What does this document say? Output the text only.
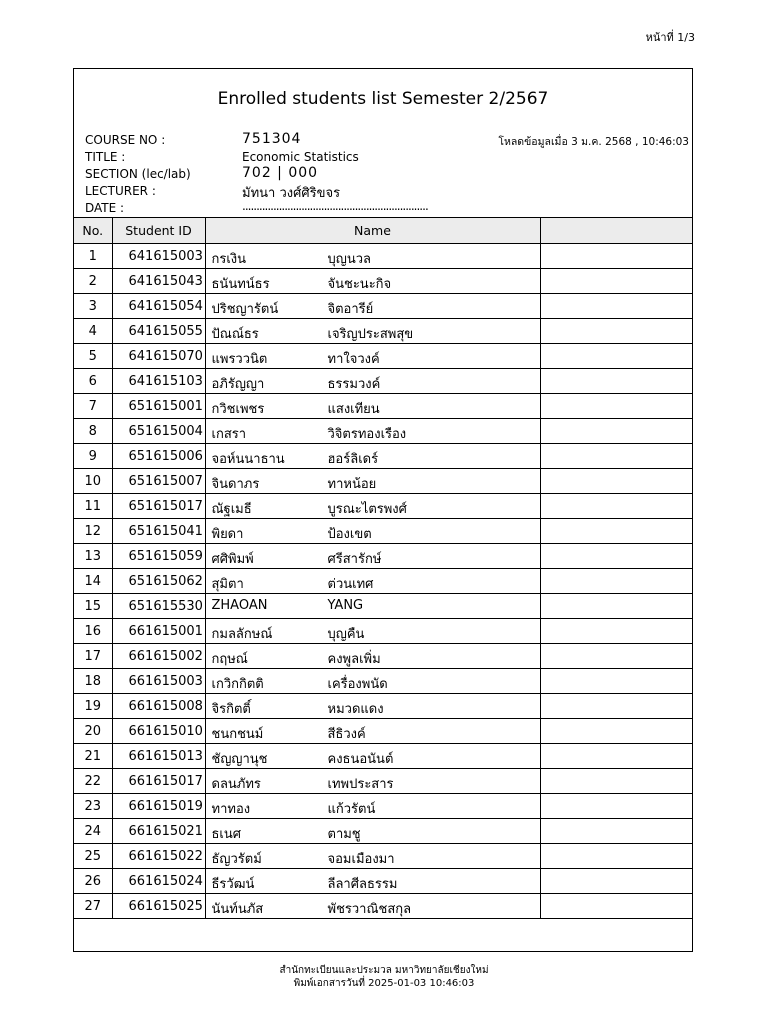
หน้าที่ 1/3
Enrolled students list Semester 2/2567
COURSE NO :	751304	โหลดข้อมูลเมื่อ 3 ม.ค. 2568 , 10:46:03
TITLE :	Economic Statistics
SECTION (lec/lab)	702 | 000
LECTURER :	มัทนา วงศ์ศิริขจร
DATE :	..................................................................
No.	Student ID	Name	
1	641615003	กรเงิน บุญนวล	

2	641615043	ธนันทน์ธร จันชะนะกิจ	

3	641615054	ปริชญารัตน์ จิตอารีย์	

4	641615055	ปัณณ์ธร เจริญประสพสุข	

5	641615070	แพรววนิต ทาใจวงค์	

6	641615103	อภิรัญญา ธรรมวงค์	

7	651615001	กวิชเพชร แสงเทียน	

8	651615004	เกสรา วิจิตรทองเรือง	

9	651615006	จอห์นนาธาน ฮอร์ลิเดร์	

10	651615007	จินดาภร ทาหน้อย	

11	651615017	ณัฐเมธี บูรณะไตรพงศ์	

12	651615041	พิยดา ป้องเขต	

13	651615059	ศศิพิมพ์ ศรีสารักษ์	

14	651615062	สุมิตา ต่วนเทศ	

15	651615530	ZHAOAN YANG	

16	661615001	กมลลักษณ์ บุญคืน	

17	661615002	กฤษณ์ คงพูลเพิ่ม	

18	661615003	เกวิกกิตติ เครื่องพนัด	

19	661615008	จิรกิตติ์ หมวดแดง	

20	661615010	ชนกชนม์ สีธิวงค์	

21	661615013	ชัญญานุช คงธนอนันต์	

22	661615017	ดลนภัทร เทพประสาร	

23	661615019	ทาทอง แก้วรัตน์	

24	661615021	ธเนศ ตามชู	

25	661615022	ธัญวรัตม์ จอมเมืองมา	

26	661615024	ธีรวัฒน์ ลีลาศีลธรรม	

27	661615025	นันท์นภัส พัชรวาณิชสกุล	

สำนักทะเบียนและประมวล มหาวิทยาลัยเชียงใหม่
พิมพ์เอกสารวันที่ 2025-01-03 10:46:03
